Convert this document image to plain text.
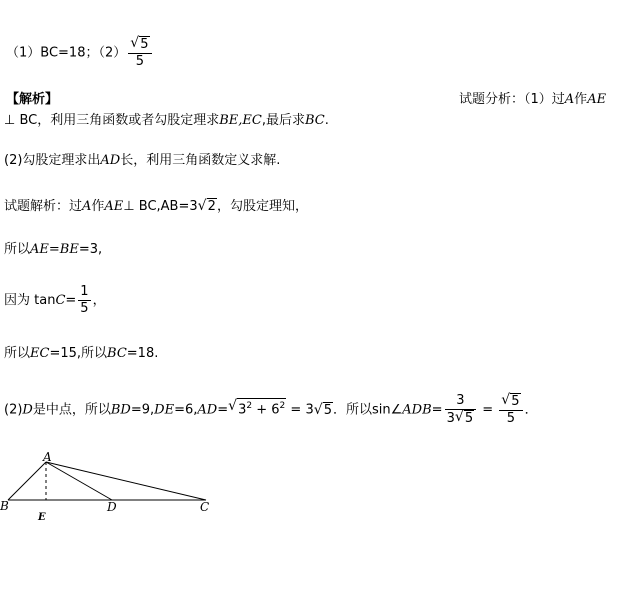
（1）BC=18；$(2) \frac{√ 5}{5}$
【解析】	试题分析：（1）过A作AE
⊥ BC，利用三角函数或者勾股定理求BE,EC,最后求BC.
(2)勾股定理求出AD长，利用三角函数定义求解.
试题解析：过A作AE⊥ BC,AB=3 √ 2，勾股定理知，
所以AE=BE=3,
因为 $\tan C= \frac{1}{5}$ ，
所以EC=15,所以BC=18.
(2)D是中点，所以BD=9,DE=6,AD= √ $3^2 + 6^2 = 3$ √ 5．所以sin∠ADB= $\frac{3}{3 √ 5} = \frac{√ 5}{5}$ ．
A
B
E
D	C
